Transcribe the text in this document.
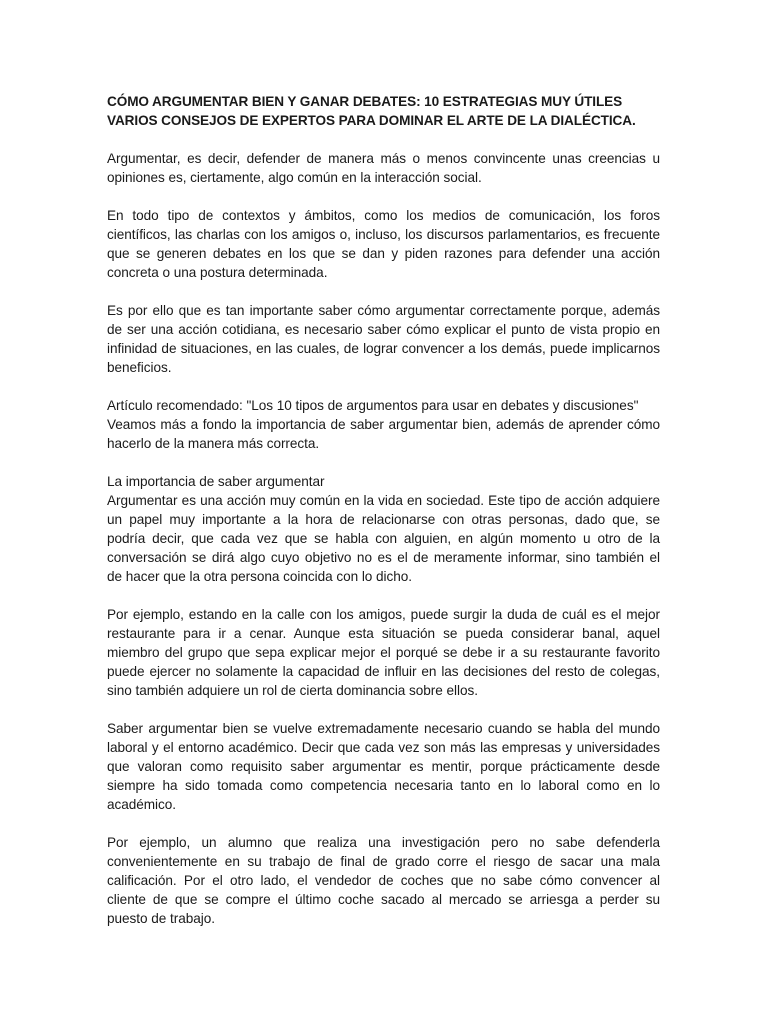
CÓMO ARGUMENTAR BIEN Y GANAR DEBATES: 10 ESTRATEGIAS MUY ÚTILES
VARIOS CONSEJOS DE EXPERTOS PARA DOMINAR EL ARTE DE LA DIALÉCTICA.
Argumentar, es decir, defender de manera más o menos convincente unas creencias u
opiniones es, ciertamente, algo común en la interacción social.
En todo tipo de contextos y ámbitos, como los medios de comunicación, los foros
científicos, las charlas con los amigos o, incluso, los discursos parlamentarios, es frecuente
que se generen debates en los que se dan y piden razones para defender una acción
concreta o una postura determinada.
Es por ello que es tan importante saber cómo argumentar correctamente porque, además
de ser una acción cotidiana, es necesario saber cómo explicar el punto de vista propio en
infinidad de situaciones, en las cuales, de lograr convencer a los demás, puede implicarnos
beneficios.
Artículo recomendado: "Los 10 tipos de argumentos para usar en debates y discusiones"
Veamos más a fondo la importancia de saber argumentar bien, además de aprender cómo
hacerlo de la manera más correcta.
La importancia de saber argumentar
Argumentar es una acción muy común en la vida en sociedad. Este tipo de acción adquiere
un papel muy importante a la hora de relacionarse con otras personas, dado que, se
podría decir, que cada vez que se habla con alguien, en algún momento u otro de la
conversación se dirá algo cuyo objetivo no es el de meramente informar, sino también el
de hacer que la otra persona coincida con lo dicho.
Por ejemplo, estando en la calle con los amigos, puede surgir la duda de cuál es el mejor
restaurante para ir a cenar. Aunque esta situación se pueda considerar banal, aquel
miembro del grupo que sepa explicar mejor el porqué se debe ir a su restaurante favorito
puede ejercer no solamente la capacidad de influir en las decisiones del resto de colegas,
sino también adquiere un rol de cierta dominancia sobre ellos.
Saber argumentar bien se vuelve extremadamente necesario cuando se habla del mundo
laboral y el entorno académico. Decir que cada vez son más las empresas y universidades
que valoran como requisito saber argumentar es mentir, porque prácticamente desde
siempre ha sido tomada como competencia necesaria tanto en lo laboral como en lo
académico.
Por ejemplo, un alumno que realiza una investigación pero no sabe defenderla
convenientemente en su trabajo de final de grado corre el riesgo de sacar una mala
calificación. Por el otro lado, el vendedor de coches que no sabe cómo convencer al
cliente de que se compre el último coche sacado al mercado se arriesga a perder su
puesto de trabajo.
